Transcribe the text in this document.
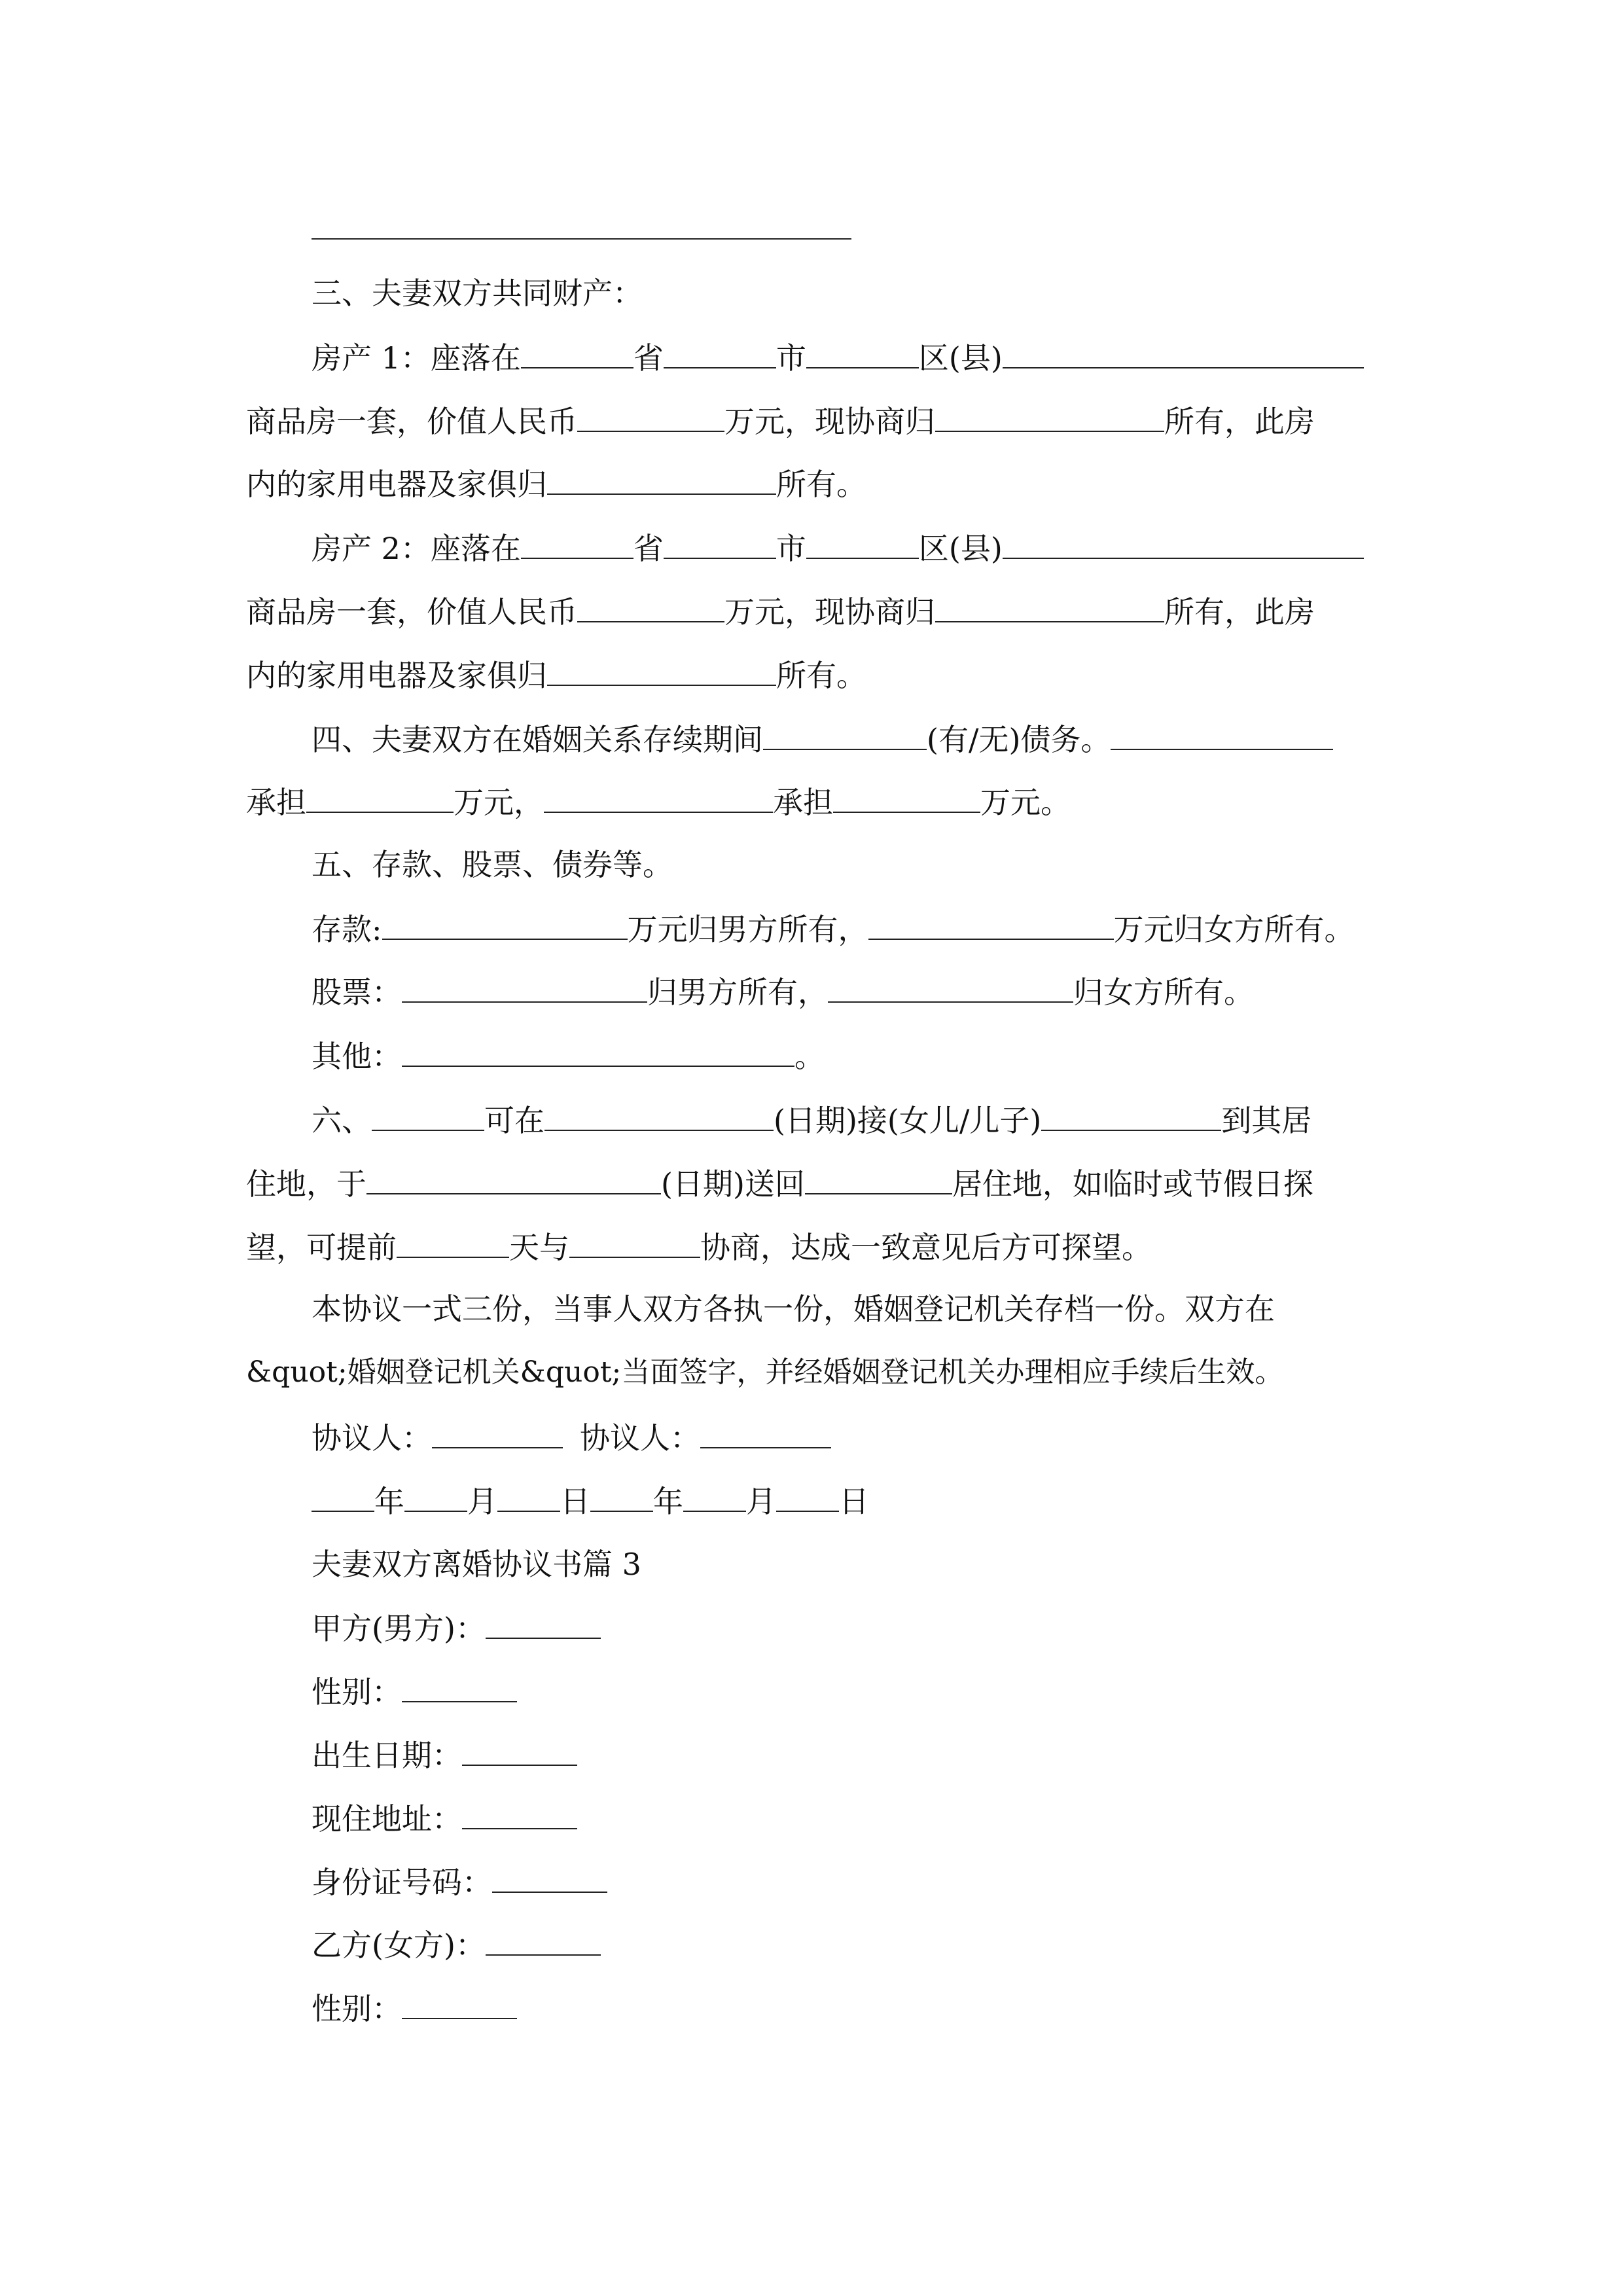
三、夫妻双方共同财产：
房产 1：座落在	省	市	区(县)
商品房一套，价值人民币	万元，现协商归	所有，此房
内的家用电器及家俱归	所有。
房产 2：座落在	省	市	区(县)
商品房一套，价值人民币	万元，现协商归	所有，此房
内的家用电器及家俱归	所有。
四、夫妻双方在婚姻关系存续期间	(有/无)债务。
承担	万元，	承担	万元。
五、存款、股票、债券等。
存款:	万元归男方所有，	万元归女方所有。
股票：	归男方所有，	归女方所有。
其他：	。
六、	可在	(日期)接(女儿/儿子)	到其居
住地，于	(日期)送回	居住地，如临时或节假日探
望，可提前	天与	协商，达成一致意见后方可探望。
本协议一式三份，当事人双方各执一份，婚姻登记机关存档一份。双方在
&quot;婚姻登记机关&quot;当面签字，并经婚姻登记机关办理相应手续后生效。
协议人：	协议人：
年 月 日 年 月 日
夫妻双方离婚协议书篇 3
甲方(男方)：
性别：
出生日期：
现住地址：
身份证号码：
乙方(女方)：
性别：
